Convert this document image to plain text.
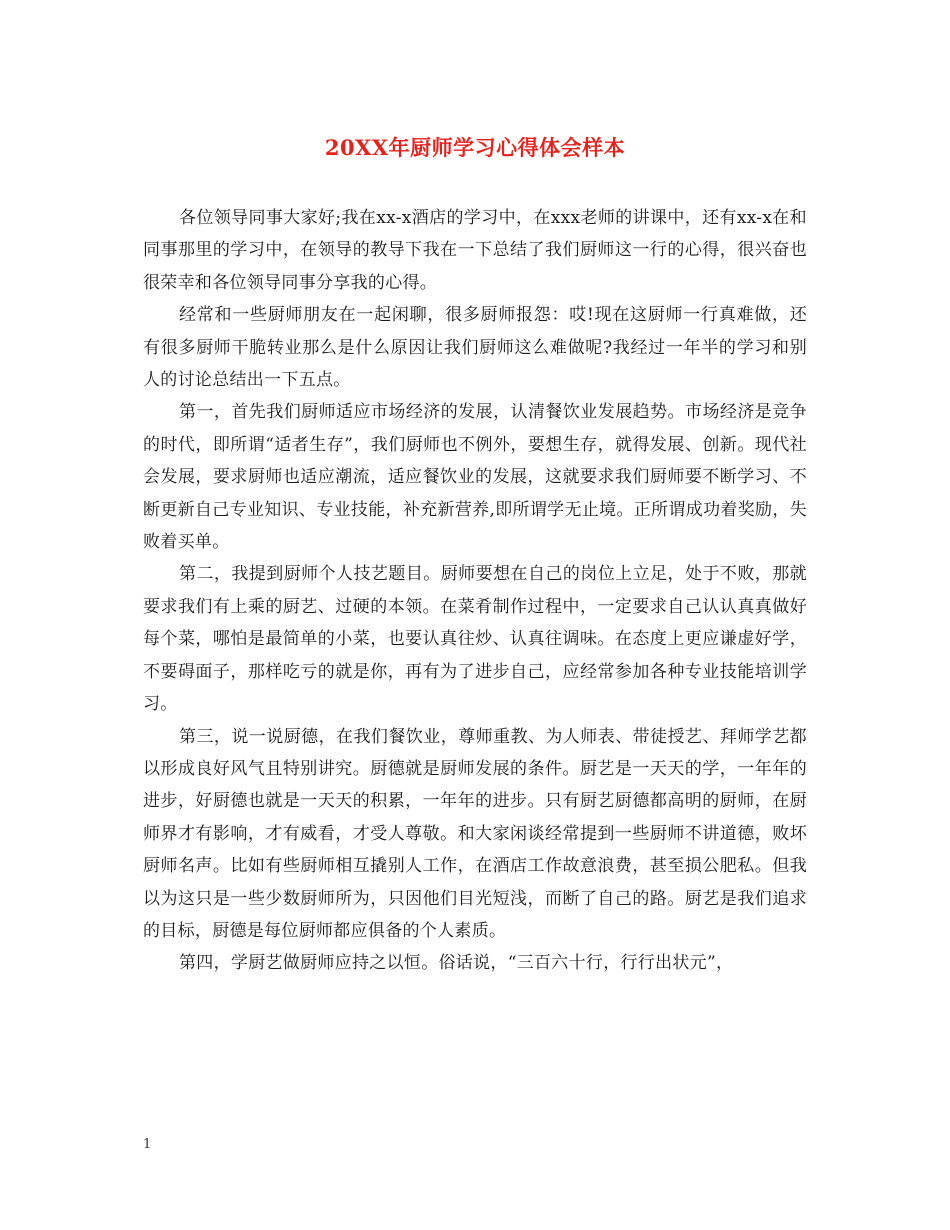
20XX年厨师学习心得体会样本

各位领导同事大家好;我在xx-x酒店的学习中，在xxx老师的讲课中，还有xx-x在和同事那里的学习中，在领导的教导下我在一下总结了我们厨师这一行的心得，很兴奋也很荣幸和各位领导同事分享我的心得。

经常和一些厨师朋友在一起闲聊，很多厨师报怨：哎!现在这厨师一行真难做，还有很多厨师干脆转业那么是什么原因让我们厨师这么难做呢?我经过一年半的学习和别人的讨论总结出一下五点。

第一，首先我们厨师适应市场经济的发展，认清餐饮业发展趋势。市场经济是竞争的时代，即所谓“适者生存”，我们厨师也不例外，要想生存，就得发展、创新。现代社会发展，要求厨师也适应潮流，适应餐饮业的发展，这就要求我们厨师要不断学习、不断更新自己专业知识、专业技能，补充新营养,即所谓学无止境。正所谓成功着奖励，失败着买单。

第二，我提到厨师个人技艺题目。厨师要想在自己的岗位上立足，处于不败，那就要求我们有上乘的厨艺、过硬的本领。在菜肴制作过程中，一定要求自己认认真真做好每个菜，哪怕是最简单的小菜，也要认真往炒、认真往调味。在态度上更应谦虚好学，不要碍面子，那样吃亏的就是你，再有为了进步自己，应经常参加各种专业技能培训学习。

第三，说一说厨德，在我们餐饮业，尊师重教、为人师表、带徒授艺、拜师学艺都以形成良好风气且特别讲究。厨德就是厨师发展的条件。厨艺是一天天的学，一年年的进步，好厨德也就是一天天的积累，一年年的进步。只有厨艺厨德都高明的厨师，在厨师界才有影响，才有威看，才受人尊敬。和大家闲谈经常提到一些厨师不讲道德，败坏厨师名声。比如有些厨师相互撬别人工作，在酒店工作故意浪费，甚至损公肥私。但我以为这只是一些少数厨师所为，只因他们目光短浅，而断了自己的路。厨艺是我们追求的目标，厨德是每位厨师都应俱备的个人素质。

第四，学厨艺做厨师应持之以恒。俗话说，“三百六十行，行行出状元”，

1
